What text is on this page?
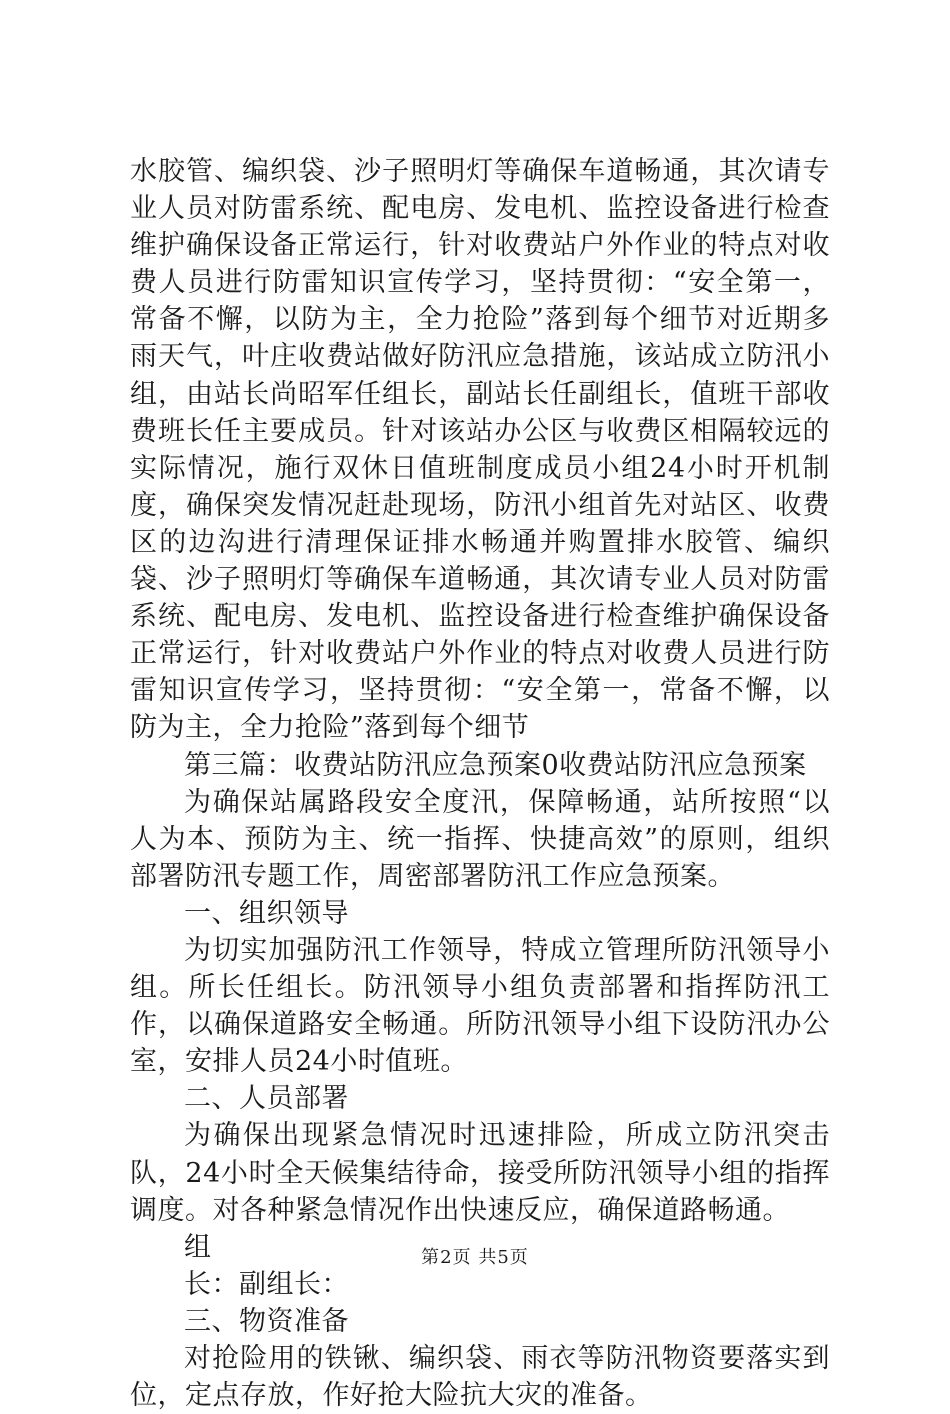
水胶管、编织袋、沙子照明灯等确保车道畅通，其次请专业人员对防雷系统、配电房、发电机、监控设备进行检查维护确保设备正常运行，针对收费站户外作业的特点对收费人员进行防雷知识宣传学习，坚持贯彻：“安全第一，常备不懈，以防为主，全力抢险”落到每个细节对近期多雨天气，叶庄收费站做好防汛应急措施，该站成立防汛小组，由站长尚昭军任组长，副站长任副组长，值班干部收费班长任主要成员。针对该站办公区与收费区相隔较远的实际情况，施行双休日值班制度成员小组24小时开机制度，确保突发情况赶赴现场，防汛小组首先对站区、收费区的边沟进行清理保证排水畅通并购置排水胶管、编织袋、沙子照明灯等确保车道畅通，其次请专业人员对防雷系统、配电房、发电机、监控设备进行检查维护确保设备正常运行，针对收费站户外作业的特点对收费人员进行防雷知识宣传学习，坚持贯彻：“安全第一，常备不懈，以防为主，全力抢险”落到每个细节

第三篇：收费站防汛应急预案0收费站防汛应急预案

为确保站属路段安全度汛，保障畅通，站所按照“以人为本、预防为主、统一指挥、快捷高效”的原则，组织部署防汛专题工作，周密部署防汛工作应急预案。

一、组织领导

为切实加强防汛工作领导，特成立管理所防汛领导小组。所长任组长。防汛领导小组负责部署和指挥防汛工作，以确保道路安全畅通。所防汛领导小组下设防汛办公室，安排人员24小时值班。

二、人员部署

为确保出现紧急情况时迅速排险，所成立防汛突击队，24小时全天候集结待命，接受所防汛领导小组的指挥调度。对各种紧急情况作出快速反应，确保道路畅通。

组

长：副组长：

三、物资准备

对抢险用的铁锹、编织袋、雨衣等防汛物资要落实到位，定点存放，作好抢大险抗大灾的准备。

第2页 共5页
